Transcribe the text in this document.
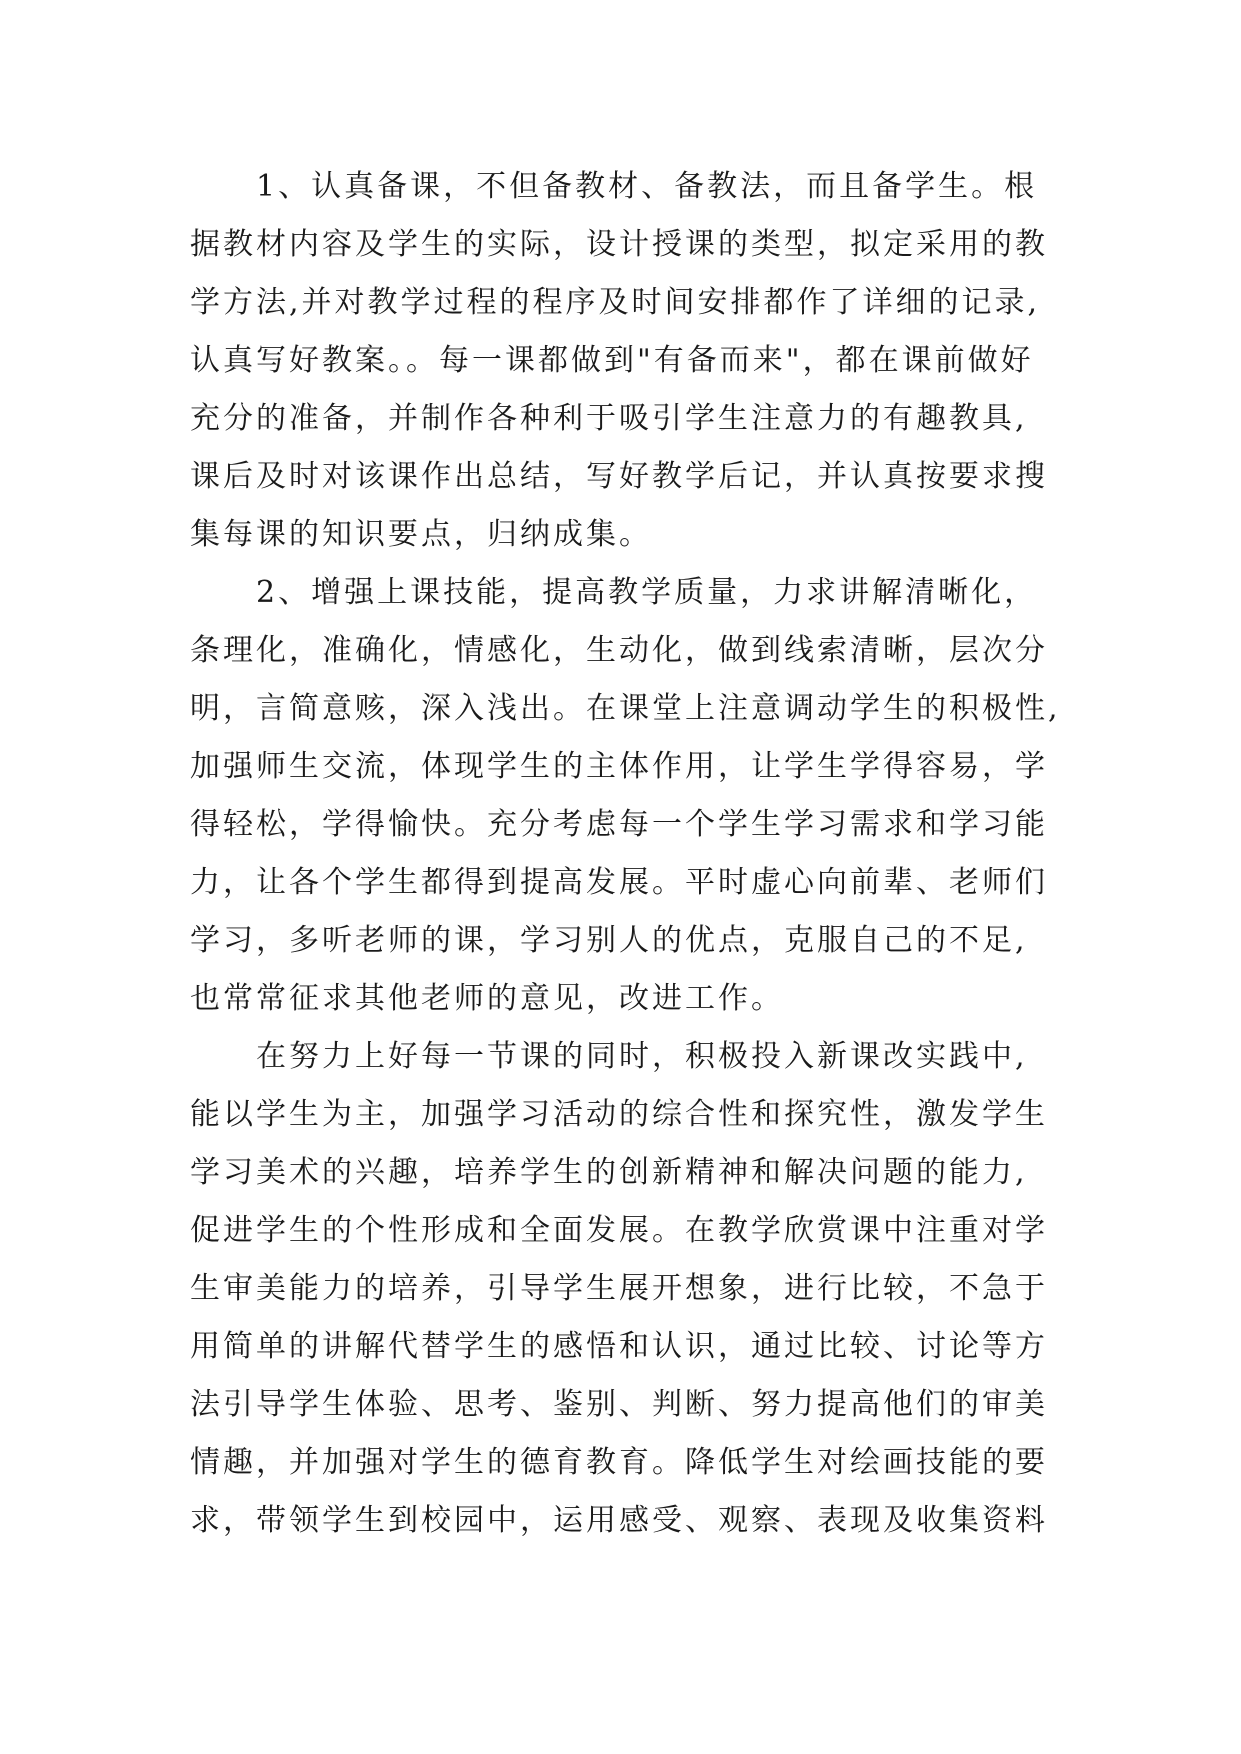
1、认真备课，不但备教材、备教法，而且备学生。根
据教材内容及学生的实际，设计授课的类型，拟定采用的教
学方法,并对教学过程的程序及时间安排都作了详细的记录,
认真写好教案。。每一课都做到"有备而来"，都在课前做好
充分的准备，并制作各种利于吸引学生注意力的有趣教具,
课后及时对该课作出总结，写好教学后记，并认真按要求搜
集每课的知识要点，归纳成集。
2、增强上课技能，提高教学质量，力求讲解清晰化，
条理化，准确化，情感化，生动化，做到线索清晰，层次分
明，言简意赅，深入浅出。在课堂上注意调动学生的积极性,
加强师生交流，体现学生的主体作用，让学生学得容易，学
得轻松，学得愉快。充分考虑每一个学生学习需求和学习能
力，让各个学生都得到提高发展。平时虚心向前辈、老师们
学习，多听老师的课，学习别人的优点，克服自己的不足,
也常常征求其他老师的意见，改进工作。
在努力上好每一节课的同时，积极投入新课改实践中,
能以学生为主，加强学习活动的综合性和探究性，激发学生
学习美术的兴趣，培养学生的创新精神和解决问题的能力,
促进学生的个性形成和全面发展。在教学欣赏课中注重对学
生审美能力的培养，引导学生展开想象，进行比较，不急于
用简单的讲解代替学生的感悟和认识，通过比较、讨论等方
法引导学生体验、思考、鉴别、判断、努力提高他们的审美
情趣，并加强对学生的德育教育。降低学生对绘画技能的要
求，带领学生到校园中，运用感受、观察、表现及收集资料
